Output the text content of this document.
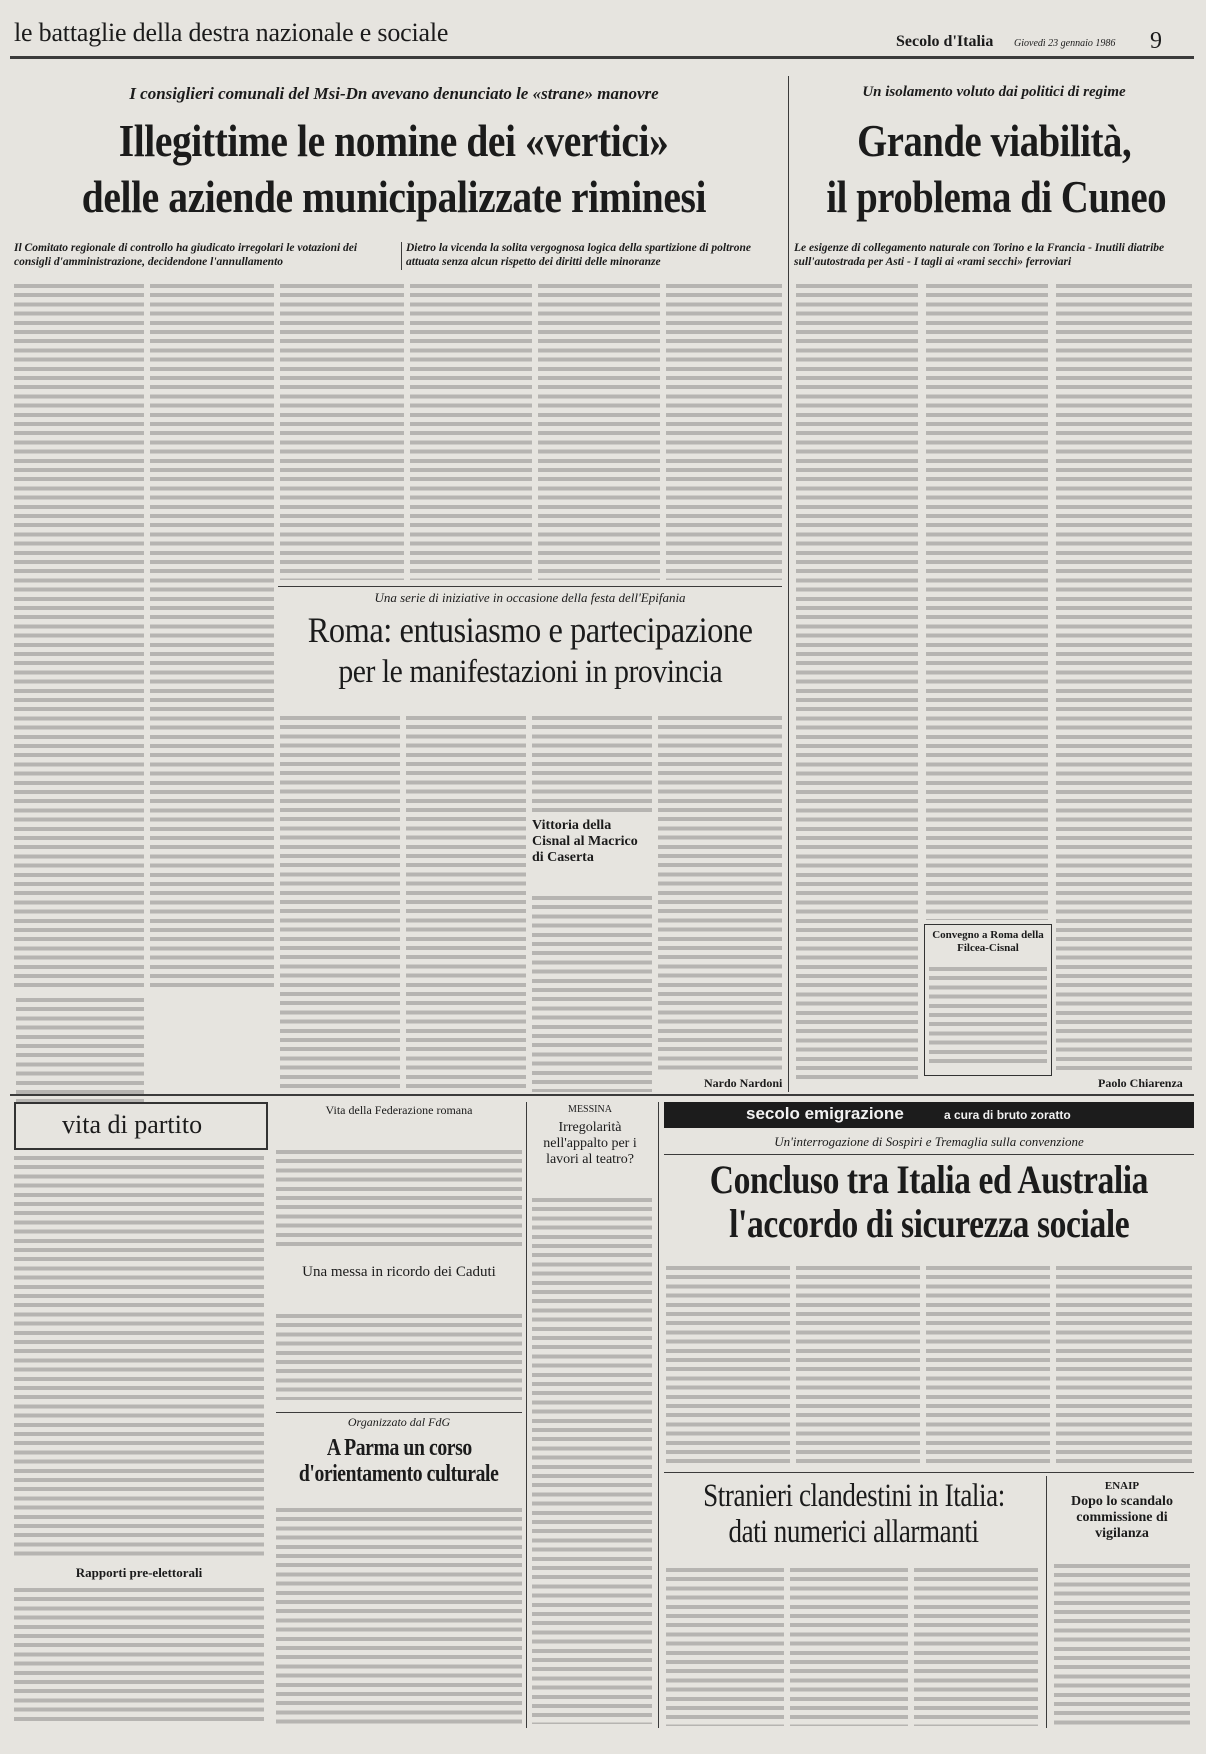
le battaglie della destra nazionale e sociale	Secolo d'Italia Giovedì 23 gennaio 1986 9
I consiglieri comunali del Msi-Dn avevano denunciato le «strane» manovre
Illegittime le nomine dei «vertici»
delle aziende municipalizzate riminesi
Il Comitato regionale di controllo ha giudicato irregolari le votazioni dei consigli d'amministrazione, decidendone l'annullamento
Dietro la vicenda la solita vergognosa logica della spartizione di poltrone attuata senza alcun rispetto dei diritti delle minoranze
Una serie di iniziative in occasione della festa dell'Epifania
Roma: entusiasmo e partecipazione
per le manifestazioni in provincia
Vittoria della Cisnal al Macrico di Caserta
Nardo Nardoni
Un isolamento voluto dai politici di regime
Grande viabilità,
il problema di Cuneo
Le esigenze di collegamento naturale con Torino e la Francia - Inutili diatribe sull'autostrada per Asti - I tagli ai «rami secchi» ferroviari
Convegno a Roma della Filcea-Cisnal
Paolo Chiarenza
vita di partito
Rapporti pre-elettorali
Vita della Federazione romana
Una messa in ricordo dei Caduti
Organizzato dal FdG
A Parma un corso
d'orientamento culturale
MESSINA
Irregolarità nell'appalto per i lavori al teatro?
secolo emigrazione	a cura di bruto zoratto
Un'interrogazione di Sospiri e Tremaglia sulla convenzione
Concluso tra Italia ed Australia
l'accordo di sicurezza sociale
Stranieri clandestini in Italia:
dati numerici allarmanti
ENAIP
Dopo lo scandalo commissione di vigilanza
